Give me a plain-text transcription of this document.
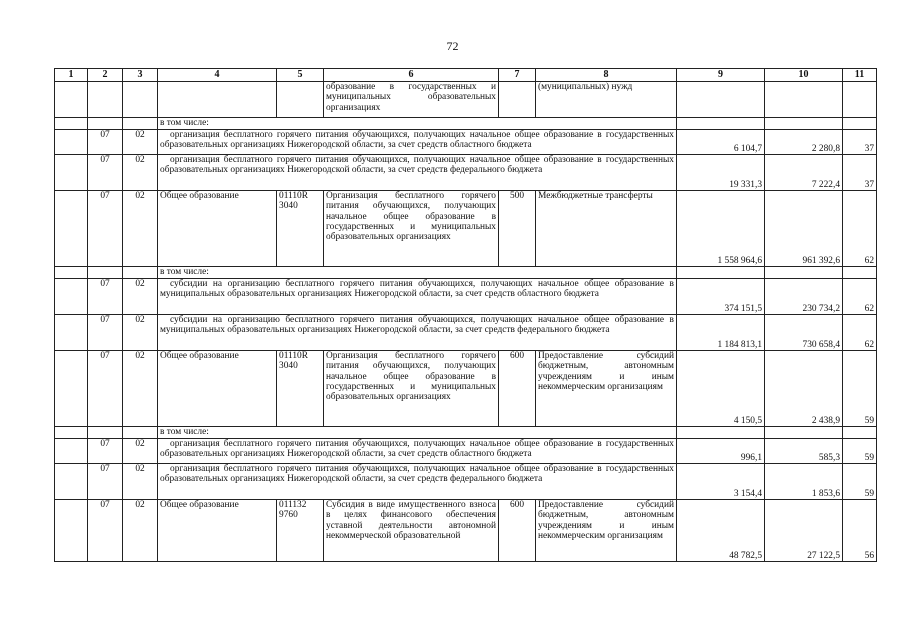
72
1	2	3	4	5	6	7	8	9	10	11
					образование в государственных и муниципальных образовательных организациях		(муниципальных) нужд			
			в том числе:							
	07	02	организация бесплатного горячего питания обучающихся, получающих начальное общее образование в государственных образовательных организациях Нижегородской области, за счет средств областного бюджета					6 104,7	2 280,8	37
	07	02	организация бесплатного горячего питания обучающихся, получающих начальное общее образование в государственных образовательных организациях Нижегородской области, за счет средств федерального бюджета					19 331,3	7 222,4	37
	07	02	Общее образование	01110R 3040	Организация бесплатного горячего питания обучающихся, получающих начальное общее образование в государственных и муниципальных образовательных организациях	500	Межбюджетные трансферты	1 558 964,6	961 392,6	62
			в том числе:							
	07	02	субсидии на организацию бесплатного горячего питания обучающихся, получающих начальное общее образование в муниципальных образовательных организациях Нижегородской области, за счет средств областного бюджета					374 151,5	230 734,2	62
	07	02	субсидии на организацию бесплатного горячего питания обучающихся, получающих начальное общее образование в муниципальных образовательных организациях Нижегородской области, за счет средств федерального бюджета					1 184 813,1	730 658,4	62
	07	02	Общее образование	01110R 3040	Организация бесплатного горячего питания обучающихся, получающих начальное общее образование в государственных и муниципальных образовательных организациях	600	Предоставление субсидий бюджетным, автономным учреждениям и иным некоммерческим организациям	4 150,5	2 438,9	59
			в том числе:							
	07	02	организация бесплатного горячего питания обучающихся, получающих начальное общее образование в государственных образовательных организациях Нижегородской области, за счет средств областного бюджета					996,1	585,3	59
	07	02	организация бесплатного горячего питания обучающихся, получающих начальное общее образование в государственных образовательных организациях Нижегородской области, за счет средств федерального бюджета					3 154,4	1 853,6	59
	07	02	Общее образование	011132 9760	Субсидия в виде имущественного взноса в целях финансового обеспечения уставной деятельности автономной некоммерческой образовательной	600	Предоставление субсидий бюджетным, автономным учреждениям и иным некоммерческим организациям	48 782,5	27 122,5	56
